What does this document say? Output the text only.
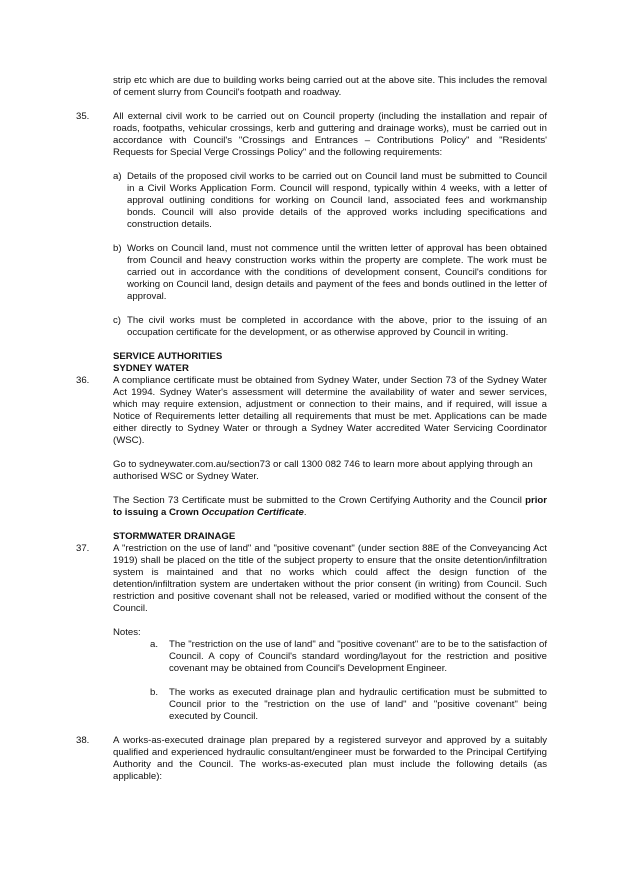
strip etc which are due to building works being carried out at the above site. This includes the removal of cement slurry from Council's footpath and roadway.
35. All external civil work to be carried out on Council property (including the installation and repair of roads, footpaths, vehicular crossings, kerb and guttering and drainage works), must be carried out in accordance with Council's "Crossings and Entrances – Contributions Policy" and "Residents' Requests for Special Verge Crossings Policy" and the following requirements:
a) Details of the proposed civil works to be carried out on Council land must be submitted to Council in a Civil Works Application Form. Council will respond, typically within 4 weeks, with a letter of approval outlining conditions for working on Council land, associated fees and workmanship bonds. Council will also provide details of the approved works including specifications and construction details.
b) Works on Council land, must not commence until the written letter of approval has been obtained from Council and heavy construction works within the property are complete. The work must be carried out in accordance with the conditions of development consent, Council's conditions for working on Council land, design details and payment of the fees and bonds outlined in the letter of approval.
c) The civil works must be completed in accordance with the above, prior to the issuing of an occupation certificate for the development, or as otherwise approved by Council in writing.
SERVICE AUTHORITIES
SYDNEY WATER
36. A compliance certificate must be obtained from Sydney Water, under Section 73 of the Sydney Water Act 1994. Sydney Water's assessment will determine the availability of water and sewer services, which may require extension, adjustment or connection to their mains, and if required, will issue a Notice of Requirements letter detailing all requirements that must be met. Applications can be made either directly to Sydney Water or through a Sydney Water accredited Water Servicing Coordinator (WSC).
Go to sydneywater.com.au/section73 or call 1300 082 746 to learn more about applying through an authorised WSC or Sydney Water.
The Section 73 Certificate must be submitted to the Crown Certifying Authority and the Council prior to issuing a Crown Occupation Certificate.
STORMWATER DRAINAGE
37. A "restriction on the use of land" and "positive covenant" (under section 88E of the Conveyancing Act 1919) shall be placed on the title of the subject property to ensure that the onsite detention/infiltration system is maintained and that no works which could affect the design function of the detention/infiltration system are undertaken without the prior consent (in writing) from Council. Such restriction and positive covenant shall not be released, varied or modified without the consent of the Council.
Notes:
a. The "restriction on the use of land" and "positive covenant" are to be to the satisfaction of Council. A copy of Council's standard wording/layout for the restriction and positive covenant may be obtained from Council's Development Engineer.
b. The works as executed drainage plan and hydraulic certification must be submitted to Council prior to the "restriction on the use of land" and "positive covenant" being executed by Council.
38. A works-as-executed drainage plan prepared by a registered surveyor and approved by a suitably qualified and experienced hydraulic consultant/engineer must be forwarded to the Principal Certifying Authority and the Council. The works-as-executed plan must include the following details (as applicable):
